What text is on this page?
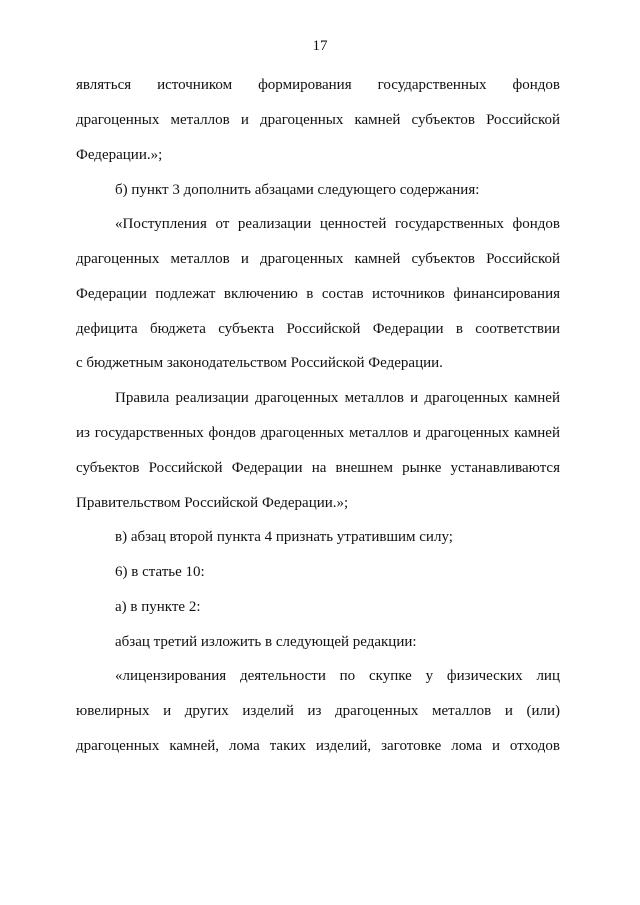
17
являться источником формирования государственных фондов
драгоценных металлов и драгоценных камней субъектов Российской
Федерации.»;
б) пункт 3 дополнить абзацами следующего содержания:
«Поступления от реализации ценностей государственных фондов
драгоценных металлов и драгоценных камней субъектов Российской
Федерации подлежат включению в состав источников финансирования
дефицита бюджета субъекта Российской Федерации в соответствии
с бюджетным законодательством Российской Федерации.
Правила реализации драгоценных металлов и драгоценных камней
из государственных фондов драгоценных металлов и драгоценных камней
субъектов Российской Федерации на внешнем рынке устанавливаются
Правительством Российской Федерации.»;
в) абзац второй пункта 4 признать утратившим силу;
6) в статье 10:
а) в пункте 2:
абзац третий изложить в следующей редакции:
«лицензирования деятельности по скупке у физических лиц
ювелирных и других изделий из драгоценных металлов и (или)
драгоценных камней, лома таких изделий, заготовке лома и отходов
